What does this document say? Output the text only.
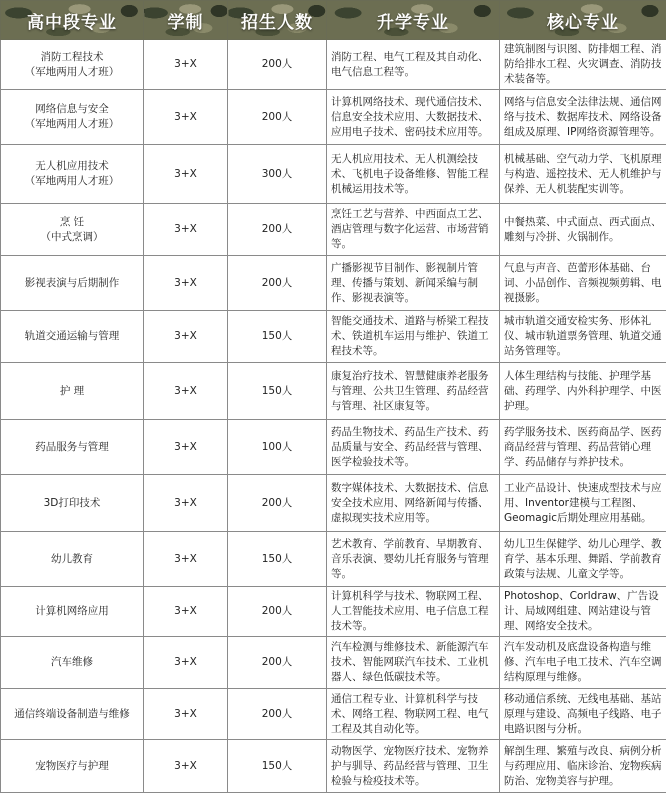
高中段专业	学制	招生人数	升学专业	核心专业

消防工程技术
（军地两用人才班）	3+X	200人	消防工程、电气工程及其自动化、电气信息工程等。	建筑制图与识图、防排烟工程、消防给排水工程、火灾调查、消防技术装备等。

网络信息与安全
（军地两用人才班）	3+X	200人	计算机网络技术、现代通信技术、信息安全技术应用、大数据技术、应用电子技术、密码技术应用等。	网络与信息安全法律法规、通信网络与技术、数据库技术、网络设备组成及原理、IP网络资源管理等。

无人机应用技术
（军地两用人才班）	3+X	300人	无人机应用技术、无人机测绘技术、飞机电子设备维修、智能工程机械运用技术等。	机械基础、空气动力学、飞机原理与构造、遥控技术、无人机维护与保养、无人机装配实训等。

烹 饪
（中式烹调）	3+X	200人	烹饪工艺与营养、中西面点工艺、酒店管理与数字化运营、市场营销等。	中餐热菜、中式面点、西式面点、雕刻与冷拼、火锅制作。

影视表演与后期制作	3+X	200人	广播影视节目制作、影视制片管理、传播与策划、新闻采编与制作、影视表演等。	气息与声音、芭蕾形体基础、台词、小品创作、音频视频剪辑、电视摄影。

轨道交通运输与管理	3+X	150人	智能交通技术、道路与桥梁工程技术、铁道机车运用与维护、铁道工程技术等。	城市轨道交通安检实务、形体礼仪、城市轨道票务管理、轨道交通站务管理等。

护 理	3+X	150人	康复治疗技术、智慧健康养老服务与管理、公共卫生管理、药品经营与管理、社区康复等。	人体生理结构与技能、护理学基础、药理学、内外科护理学、中医护理。

药品服务与管理	3+X	100人	药品生物技术、药品生产技术、药品质量与安全、药品经营与管理、医学检验技术等。	药学服务技术、医药商品学、医药商品经营与管理、药品营销心理学、药品储存与养护技术。

3D打印技术	3+X	200人	数字媒体技术、大数据技术、信息安全技术应用、网络新闻与传播、虚拟现实技术应用等。	工业产品设计、快速成型技术与应用、Inventor建模与工程图、Geomagic后期处理应用基础。

幼儿教育	3+X	150人	艺术教育、学前教育、早期教育、音乐表演、婴幼儿托育服务与管理等。	幼儿卫生保健学、幼儿心理学、教育学、基本乐理、舞蹈、学前教育政策与法规、儿童文学等。

计算机网络应用	3+X	200人	计算机科学与技术、物联网工程、人工智能技术应用、电子信息工程技术等。	Photoshop、Corldraw、广告设计、局域网组建、网站建设与管理、网络安全技术。

汽车维修	3+X	200人	汽车检测与维修技术、新能源汽车技术、智能网联汽车技术、工业机器人、绿色低碳技术等。	汽车发动机及底盘设备构造与维修、汽车电子电工技术、汽车空调结构原理与维修。

通信终端设备制造与维修	3+X	200人	通信工程专业、计算机科学与技术、网络工程、物联网工程、电气工程及其自动化等。	移动通信系统、无线电基础、基站原理与建设、高频电子线路、电子电路识图与分析。

宠物医疗与护理	3+X	150人	动物医学、宠物医疗技术、宠物养护与驯导、药品经营与管理、卫生检验与检疫技术等。	解剖生理、繁殖与改良、病例分析与药理应用、临床诊治、宠物疾病防治、宠物美容与护理。
